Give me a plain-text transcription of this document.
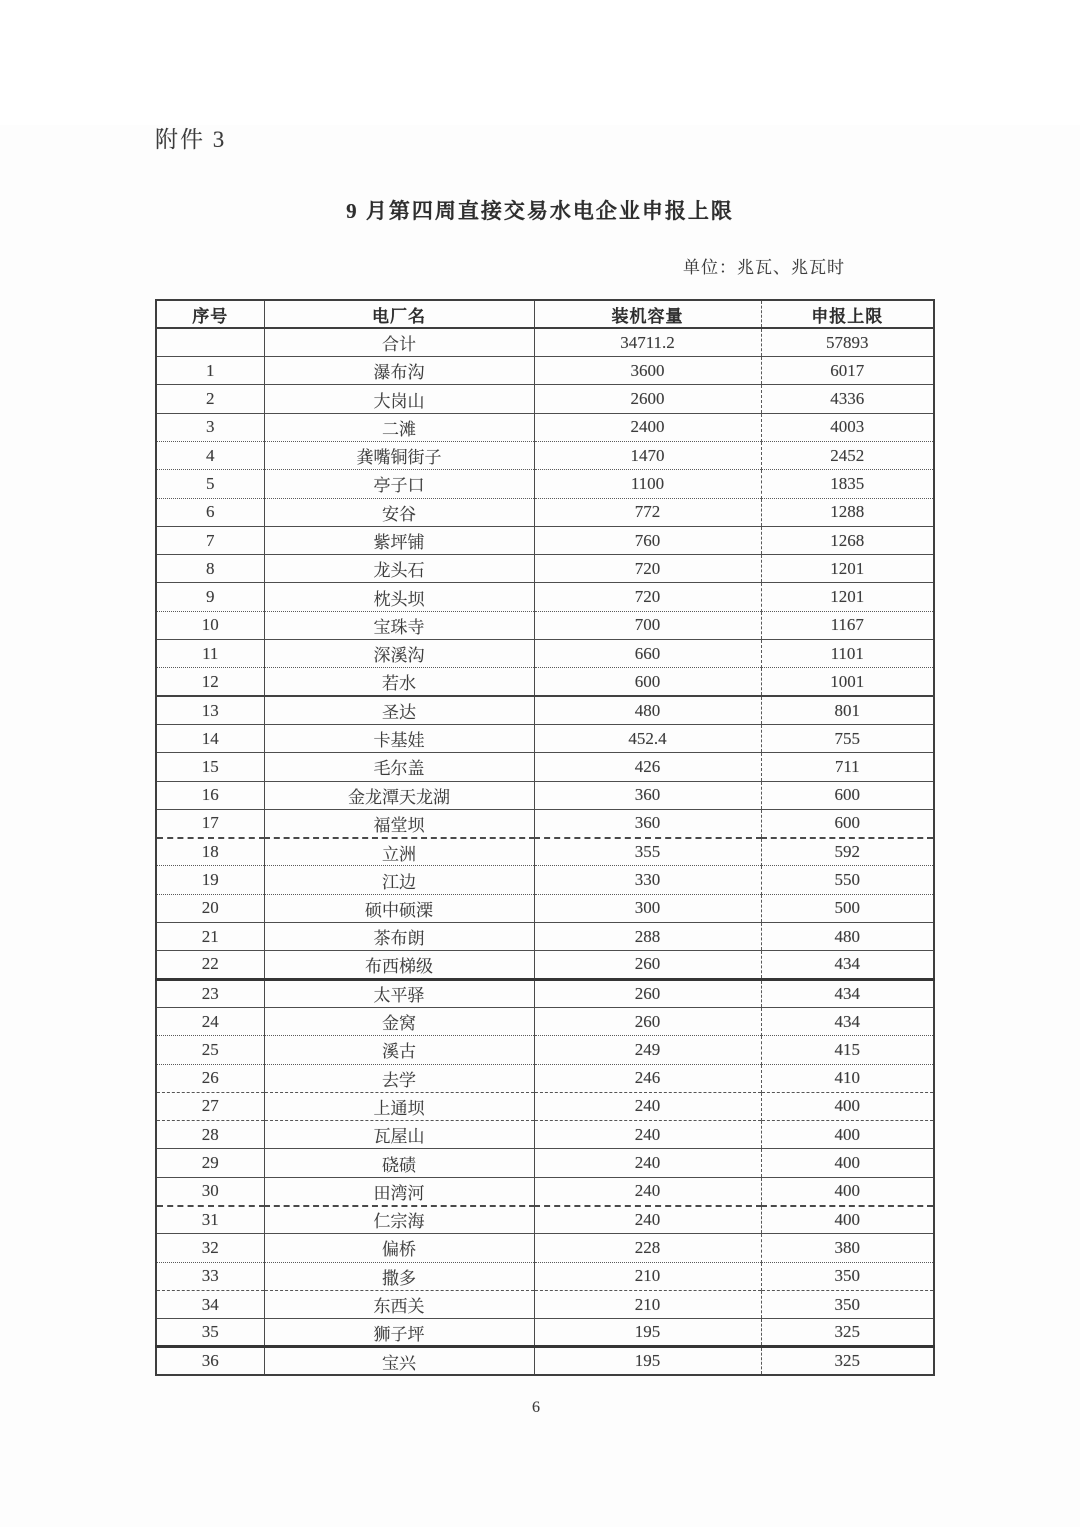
附件 3
9 月第四周直接交易水电企业申报上限
单位：兆瓦、兆瓦时
序号	电厂名	装机容量	申报上限
	合计	34711.2	57893
1	瀑布沟	3600	6017
2	大岗山	2600	4336
3	二滩	2400	4003
4	龚嘴铜街子	1470	2452
5	亭子口	1100	1835
6	安谷	772	1288
7	紫坪铺	760	1268
8	龙头石	720	1201
9	枕头坝	720	1201
10	宝珠寺	700	1167
11	深溪沟	660	1101
12	若水	600	1001
13	圣达	480	801
14	卡基娃	452.4	755
15	毛尔盖	426	711
16	金龙潭天龙湖	360	600
17	福堂坝	360	600
18	立洲	355	592
19	江边	330	550
20	硕中硕溧	300	500
21	茶布朗	288	480
22	布西梯级	260	434
23	太平驿	260	434
24	金窝	260	434
25	溪古	249	415
26	去学	246	410
27	上通坝	240	400
28	瓦屋山	240	400
29	硗碛	240	400
30	田湾河	240	400
31	仁宗海	240	400
32	偏桥	228	380
33	撒多	210	350
34	东西关	210	350
35	狮子坪	195	325
36	宝兴	195	325
6
